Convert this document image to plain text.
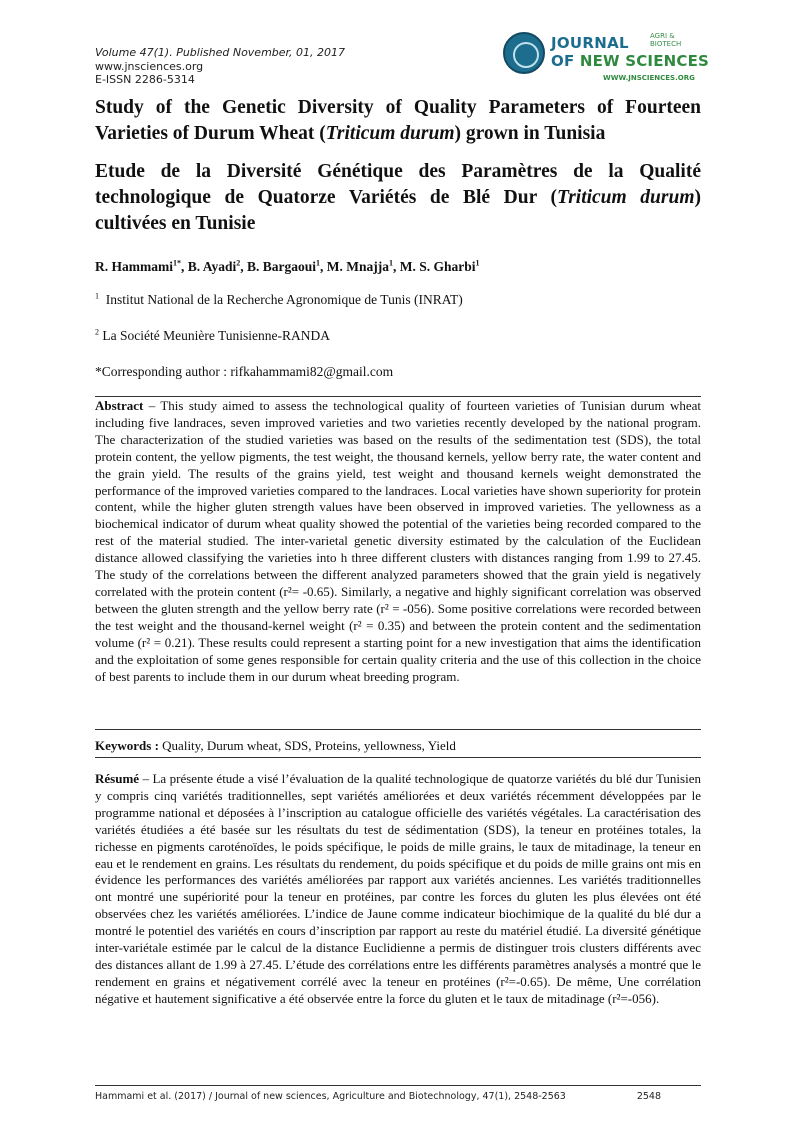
Volume 47(1). Published November, 01, 2017
www.jnsciences.org
E-ISSN 2286-5314
JOURNAL	AGRI & BIOTECH
OF NEW SCIENCES
WWW.JNSCIENCES.ORG
Study of the Genetic Diversity of Quality Parameters of Fourteen Varieties of Durum Wheat (Triticum durum) grown in Tunisia
Etude de la Diversité Génétique des Paramètres de la Qualité technologique de Quatorze Variétés de Blé Dur (Triticum durum) cultivées en Tunisie
R. Hammami$^{1*}$, B. Ayadi$^2$, B. Bargaoui$^1$, M. Mnajja$^1$, M. S. Gharbi$^1$
$^1$ Institut National de la Recherche Agronomique de Tunis (INRAT)
$^2$ La Société Meunière Tunisienne-RANDA
*Corresponding author : rifkahammami82@gmail.com
Abstract – This study aimed to assess the technological quality of fourteen varieties of Tunisian durum wheat including five landraces, seven improved varieties and two varieties recently developed by the national program. The characterization of the studied varieties was based on the results of the sedimentation test (SDS), the total protein content, the yellow pigments, the test weight, the thousand kernels, yellow berry rate, the water content and the grain yield. The results of the grains yield, test weight and thousand kernels weight demonstrated the performance of the improved varieties compared to the landraces. Local varieties have shown superiority for protein content, while the higher gluten strength values have been observed in improved varieties. The yellowness as a biochemical indicator of durum wheat quality showed the potential of the varieties being recorded compared to the rest of the material studied. The inter-varietal genetic diversity estimated by the calculation of the Euclidean distance allowed classifying the varieties into h three different clusters with distances ranging from 1.99 to 27.45. The study of the correlations between the different analyzed parameters showed that the grain yield is negatively correlated with the protein content (r²= -0.65). Similarly, a negative and highly significant correlation was observed between the gluten strength and the yellow berry rate (r² = -056). Some positive correlations were recorded between the test weight and the thousand-kernel weight (r² = 0.35) and between the protein content and the sedimentation volume (r² = 0.21). These results could represent a starting point for a new investigation that aims the identification and the exploitation of some genes responsible for certain quality criteria and the use of this collection in the choice of best parents to include them in our durum wheat breeding program.
Keywords : Quality, Durum wheat, SDS, Proteins, yellowness, Yield
Résumé – La présente étude a visé l’évaluation de la qualité technologique de quatorze variétés du blé dur Tunisien y compris cinq variétés traditionnelles, sept variétés améliorées et deux variétés récemment développées par le programme national et déposées à l’inscription au catalogue officielle des variétés végétales. La caractérisation des variétés étudiées a été basée sur les résultats du test de sédimentation (SDS), la teneur en protéines totales, la richesse en pigments caroténoïdes, le poids spécifique, le poids de mille grains, le taux de mitadinage, la teneur en eau et le rendement en grains. Les résultats du rendement, du poids spécifique et du poids de mille grains ont mis en évidence les performances des variétés améliorées par rapport aux variétés anciennes. Les variétés traditionnelles ont montré une supériorité pour la teneur en protéines, par contre les forces du gluten les plus élevées ont été observées chez les variétés améliorées. L’indice de Jaune comme indicateur biochimique de la qualité du blé dur a montré le potentiel des variétés en cours d’inscription par rapport au reste du matériel étudié. La diversité génétique inter-variétale estimée par le calcul de la distance Euclidienne a permis de distinguer trois clusters différents avec des distances allant de 1.99 à 27.45. L’étude des corrélations entre les différents paramètres analysés a montré que le rendement en grains et négativement corrélé avec la teneur en protéines (r²=-0.65). De même, Une corrélation négative et hautement significative a été observée entre la force du gluten et le taux de mitadinage (r²=-056).
Hammami et al. (2017) / Journal of new sciences, Agriculture and Biotechnology, 47(1), 2548-2563	2548
